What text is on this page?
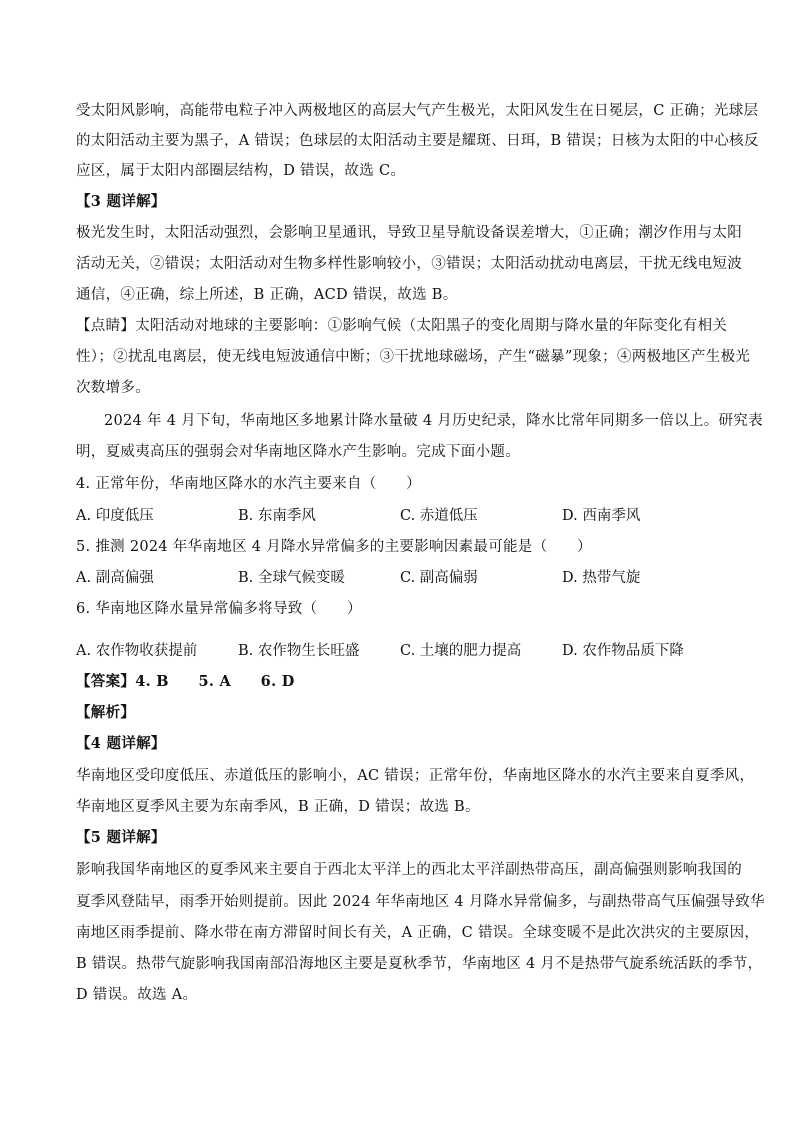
受太阳风影响，高能带电粒子冲入两极地区的高层大气产生极光，太阳风发生在日冕层，C 正确；光球层
的太阳活动主要为黑子，A 错误；色球层的太阳活动主要是耀斑、日珥，B 错误；日核为太阳的中心核反
应区，属于太阳内部圈层结构，D 错误，故选 C。
【3 题详解】
极光发生时，太阳活动强烈，会影响卫星通讯，导致卫星导航设备误差增大，①正确；潮汐作用与太阳
活动无关，②错误；太阳活动对生物多样性影响较小，③错误；太阳活动扰动电离层，干扰无线电短波
通信，④正确，综上所述，B 正确，ACD 错误，故选 B。
【点睛】太阳活动对地球的主要影响：①影响气候（太阳黑子的变化周期与降水量的年际变化有相关
性）；②扰乱电离层，使无线电短波通信中断；③干扰地球磁场，产生“磁暴”现象；④两极地区产生极光
次数增多。
2024 年 4 月下旬，华南地区多地累计降水量破 4 月历史纪录，降水比常年同期多一倍以上。研究表
明，夏威夷高压的强弱会对华南地区降水产生影响。完成下面小题。
4. 正常年份，华南地区降水的水汽主要来自（　　）
A. 印度低压	B. 东南季风	C. 赤道低压	D. 西南季风
5. 推测 2024 年华南地区 4 月降水异常偏多的主要影响因素最可能是（　　）
A. 副高偏强	B. 全球气候变暖	C. 副高偏弱	D. 热带气旋
6. 华南地区降水量异常偏多将导致（　　）
A. 农作物收获提前	B. 农作物生长旺盛	C. 土壤的肥力提高	D. 农作物品质下降
【答案】4. B　　5. A　　6. D
【解析】
【4 题详解】
华南地区受印度低压、赤道低压的影响小，AC 错误；正常年份，华南地区降水的水汽主要来自夏季风，
华南地区夏季风主要为东南季风，B 正确，D 错误；故选 B。
【5 题详解】
影响我国华南地区的夏季风来主要自于西北太平洋上的西北太平洋副热带高压，副高偏强则影响我国的
夏季风登陆早，雨季开始则提前。因此 2024 年华南地区 4 月降水异常偏多，与副热带高气压偏强导致华
南地区雨季提前、降水带在南方滞留时间长有关，A 正确，C 错误。全球变暖不是此次洪灾的主要原因，
B 错误。热带气旋影响我国南部沿海地区主要是夏秋季节，华南地区 4 月不是热带气旋系统活跃的季节，
D 错误。故选 A。
